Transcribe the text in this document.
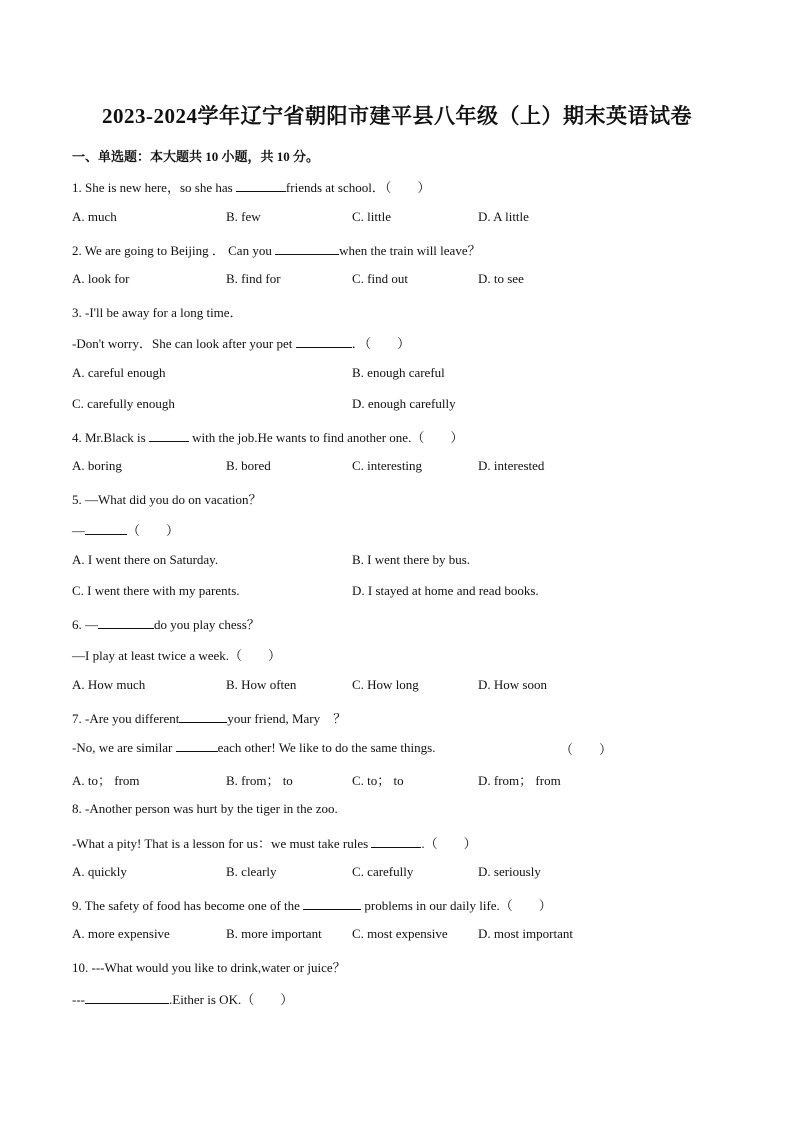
2023-2024学年辽宁省朝阳市建平县八年级（上）期末英语试卷
一、单选题：本大题共 10 小题，共 10 分。
1. She is new here，so she has	friends at school．（　　）
A. much	B. few	C. little	D. A little
2. We are going to Beijing ． Can you	when the train will leave？
A. look for	B. find for	C. find out	D. to see
3. -I'll be away for a long time．
-Don't worry．She can look after your pet	．（　　）
A. careful enough	B. enough careful
C. carefully enough	D. enough carefully
4. Mr.Black is	with the job.He wants to find another one.（　　）
A. boring	B. bored	C. interesting	D. interested
5. —What did you do on vacation？
—	（　　）
A. I went there on Saturday.	B. I went there by bus.
C. I went there with my parents.	D. I stayed at home and read books.
6. —	do you play chess？
—I play at least twice a week.（　　）
A. How much	B. How often	C. How long	D. How soon
7. -Are you different	your friend, Mary　？
-No, we are similar	each other! We like to do the same things.	（　　）
A. to； from	B. from； to	C. to； to	D. from； from
8. -Another person was hurt by the tiger in the zoo.
-What a pity! That is a lesson for us：we must take rules	.（　　）
A. quickly	B. clearly	C. carefully	D. seriously
9. The safety of food has become one of the	problems in our daily life.（　　）
A. more expensive	B. more important C. most expensive D. most important
10. ---What would you like to drink,water or juice？
---	.Either is OK.（　　）
